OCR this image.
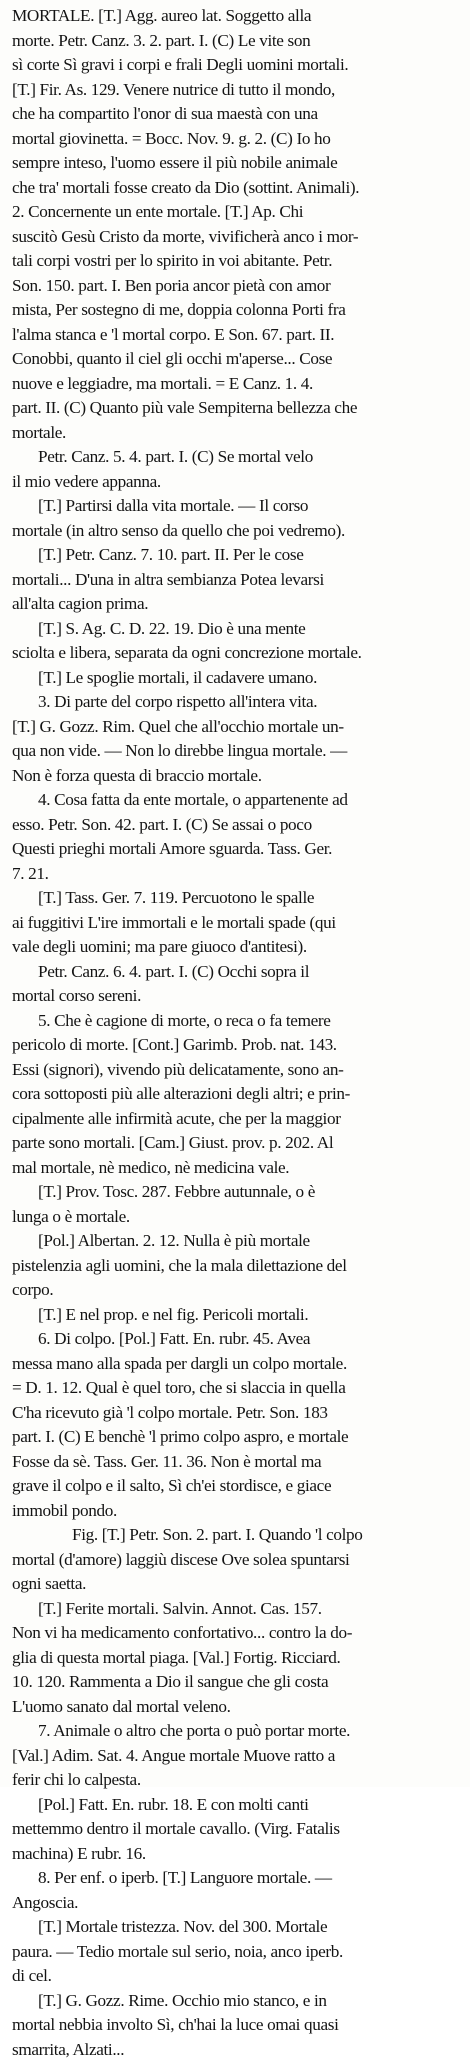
MORTALE. [T.] Agg. aureo lat. Soggetto alla
morte. Petr. Canz. 3. 2. part. I. (C) Le vite son
sì corte Sì gravi i corpi e frali Degli uomini mortali.
[T.] Fir. As. 129. Venere nutrice di tutto il mondo,
che ha compartito l'onor di sua maestà con una
mortal giovinetta. = Bocc. Nov. 9. g. 2. (C) Io ho
sempre inteso, l'uomo essere il più nobile animale
che tra' mortali fosse creato da Dio (sottint. Animali).
2. Concernente un ente mortale. [T.] Ap. Chi
suscitò Gesù Cristo da morte, vivificherà anco i mor-
tali corpi vostri per lo spirito in voi abitante. Petr.
Son. 150. part. I. Ben poria ancor pietà con amor
mista, Per sostegno di me, doppia colonna Porti fra
l'alma stanca e 'l mortal corpo. E Son. 67. part. II.
Conobbi, quanto il ciel gli occhi m'aperse... Cose
nuove e leggiadre, ma mortali. = E Canz. 1. 4.
part. II. (C) Quanto più vale Sempiterna bellezza che
mortale.
Petr. Canz. 5. 4. part. I. (C) Se mortal velo
il mio vedere appanna.
[T.] Partirsi dalla vita mortale. — Il corso
mortale (in altro senso da quello che poi vedremo).
[T.] Petr. Canz. 7. 10. part. II. Per le cose
mortali... D'una in altra sembianza Potea levarsi
all'alta cagion prima.
[T.] S. Ag. C. D. 22. 19. Dio è una mente
sciolta e libera, separata da ogni concrezione mortale.
[T.] Le spoglie mortali, il cadavere umano.
3. Di parte del corpo rispetto all'intera vita.
[T.] G. Gozz. Rim. Quel che all'occhio mortale un-
qua non vide. — Non lo direbbe lingua mortale. —
Non è forza questa di braccio mortale.
4. Cosa fatta da ente mortale, o appartenente ad
esso. Petr. Son. 42. part. I. (C) Se assai o poco
Questi prieghi mortali Amore sguarda. Tass. Ger.
7. 21.
[T.] Tass. Ger. 7. 119. Percuotono le spalle
ai fuggitivi L'ire immortali e le mortali spade (qui
vale degli uomini; ma pare giuoco d'antitesi).
Petr. Canz. 6. 4. part. I. (C) Occhi sopra il
mortal corso sereni.
5. Che è cagione di morte, o reca o fa temere
pericolo di morte. [Cont.] Garimb. Prob. nat. 143.
Essi (signori), vivendo più delicatamente, sono an-
cora sottoposti più alle alterazioni degli altri; e prin-
cipalmente alle infirmità acute, che per la maggior
parte sono mortali. [Cam.] Giust. prov. p. 202. Al
mal mortale, nè medico, nè medicina vale.
[T.] Prov. Tosc. 287. Febbre autunnale, o è
lunga o è mortale.
[Pol.] Albertan. 2. 12. Nulla è più mortale
pistelenzia agli uomini, che la mala dilettazione del
corpo.
[T.] E nel prop. e nel fig. Pericoli mortali.
6. Di colpo. [Pol.] Fatt. En. rubr. 45. Avea
messa mano alla spada per dargli un colpo mortale.
= D. 1. 12. Qual è quel toro, che si slaccia in quella
C'ha ricevuto già 'l colpo mortale. Petr. Son. 183
part. I. (C) E benchè 'l primo colpo aspro, e mortale
Fosse da sè. Tass. Ger. 11. 36. Non è mortal ma
grave il colpo e il salto, Sì ch'ei stordisce, e giace
immobil pondo.
Fig. [T.] Petr. Son. 2. part. I. Quando 'l colpo
mortal (d'amore) laggiù discese Ove solea spuntarsi
ogni saetta.
[T.] Ferite mortali. Salvin. Annot. Cas. 157.
Non vi ha medicamento confortativo... contro la do-
glia di questa mortal piaga. [Val.] Fortig. Ricciard.
10. 120. Rammenta a Dio il sangue che gli costa
L'uomo sanato dal mortal veleno.
7. Animale o altro che porta o può portar morte.
[Val.] Adim. Sat. 4. Angue mortale Muove ratto a
ferir chi lo calpesta.
[Pol.] Fatt. En. rubr. 18. E con molti canti
mettemmo dentro il mortale cavallo. (Virg. Fatalis
machina) E rubr. 16.
8. Per enf. o iperb. [T.] Languore mortale. —
Angoscia.
[T.] Mortale tristezza. Nov. del 300. Mortale
paura. — Tedio mortale sul serio, noia, anco iperb.
di cel.
[T.] G. Gozz. Rime. Occhio mio stanco, e in
mortal nebbia involto Sì, ch'hai la luce omai quasi
smarrita, Alzati...
